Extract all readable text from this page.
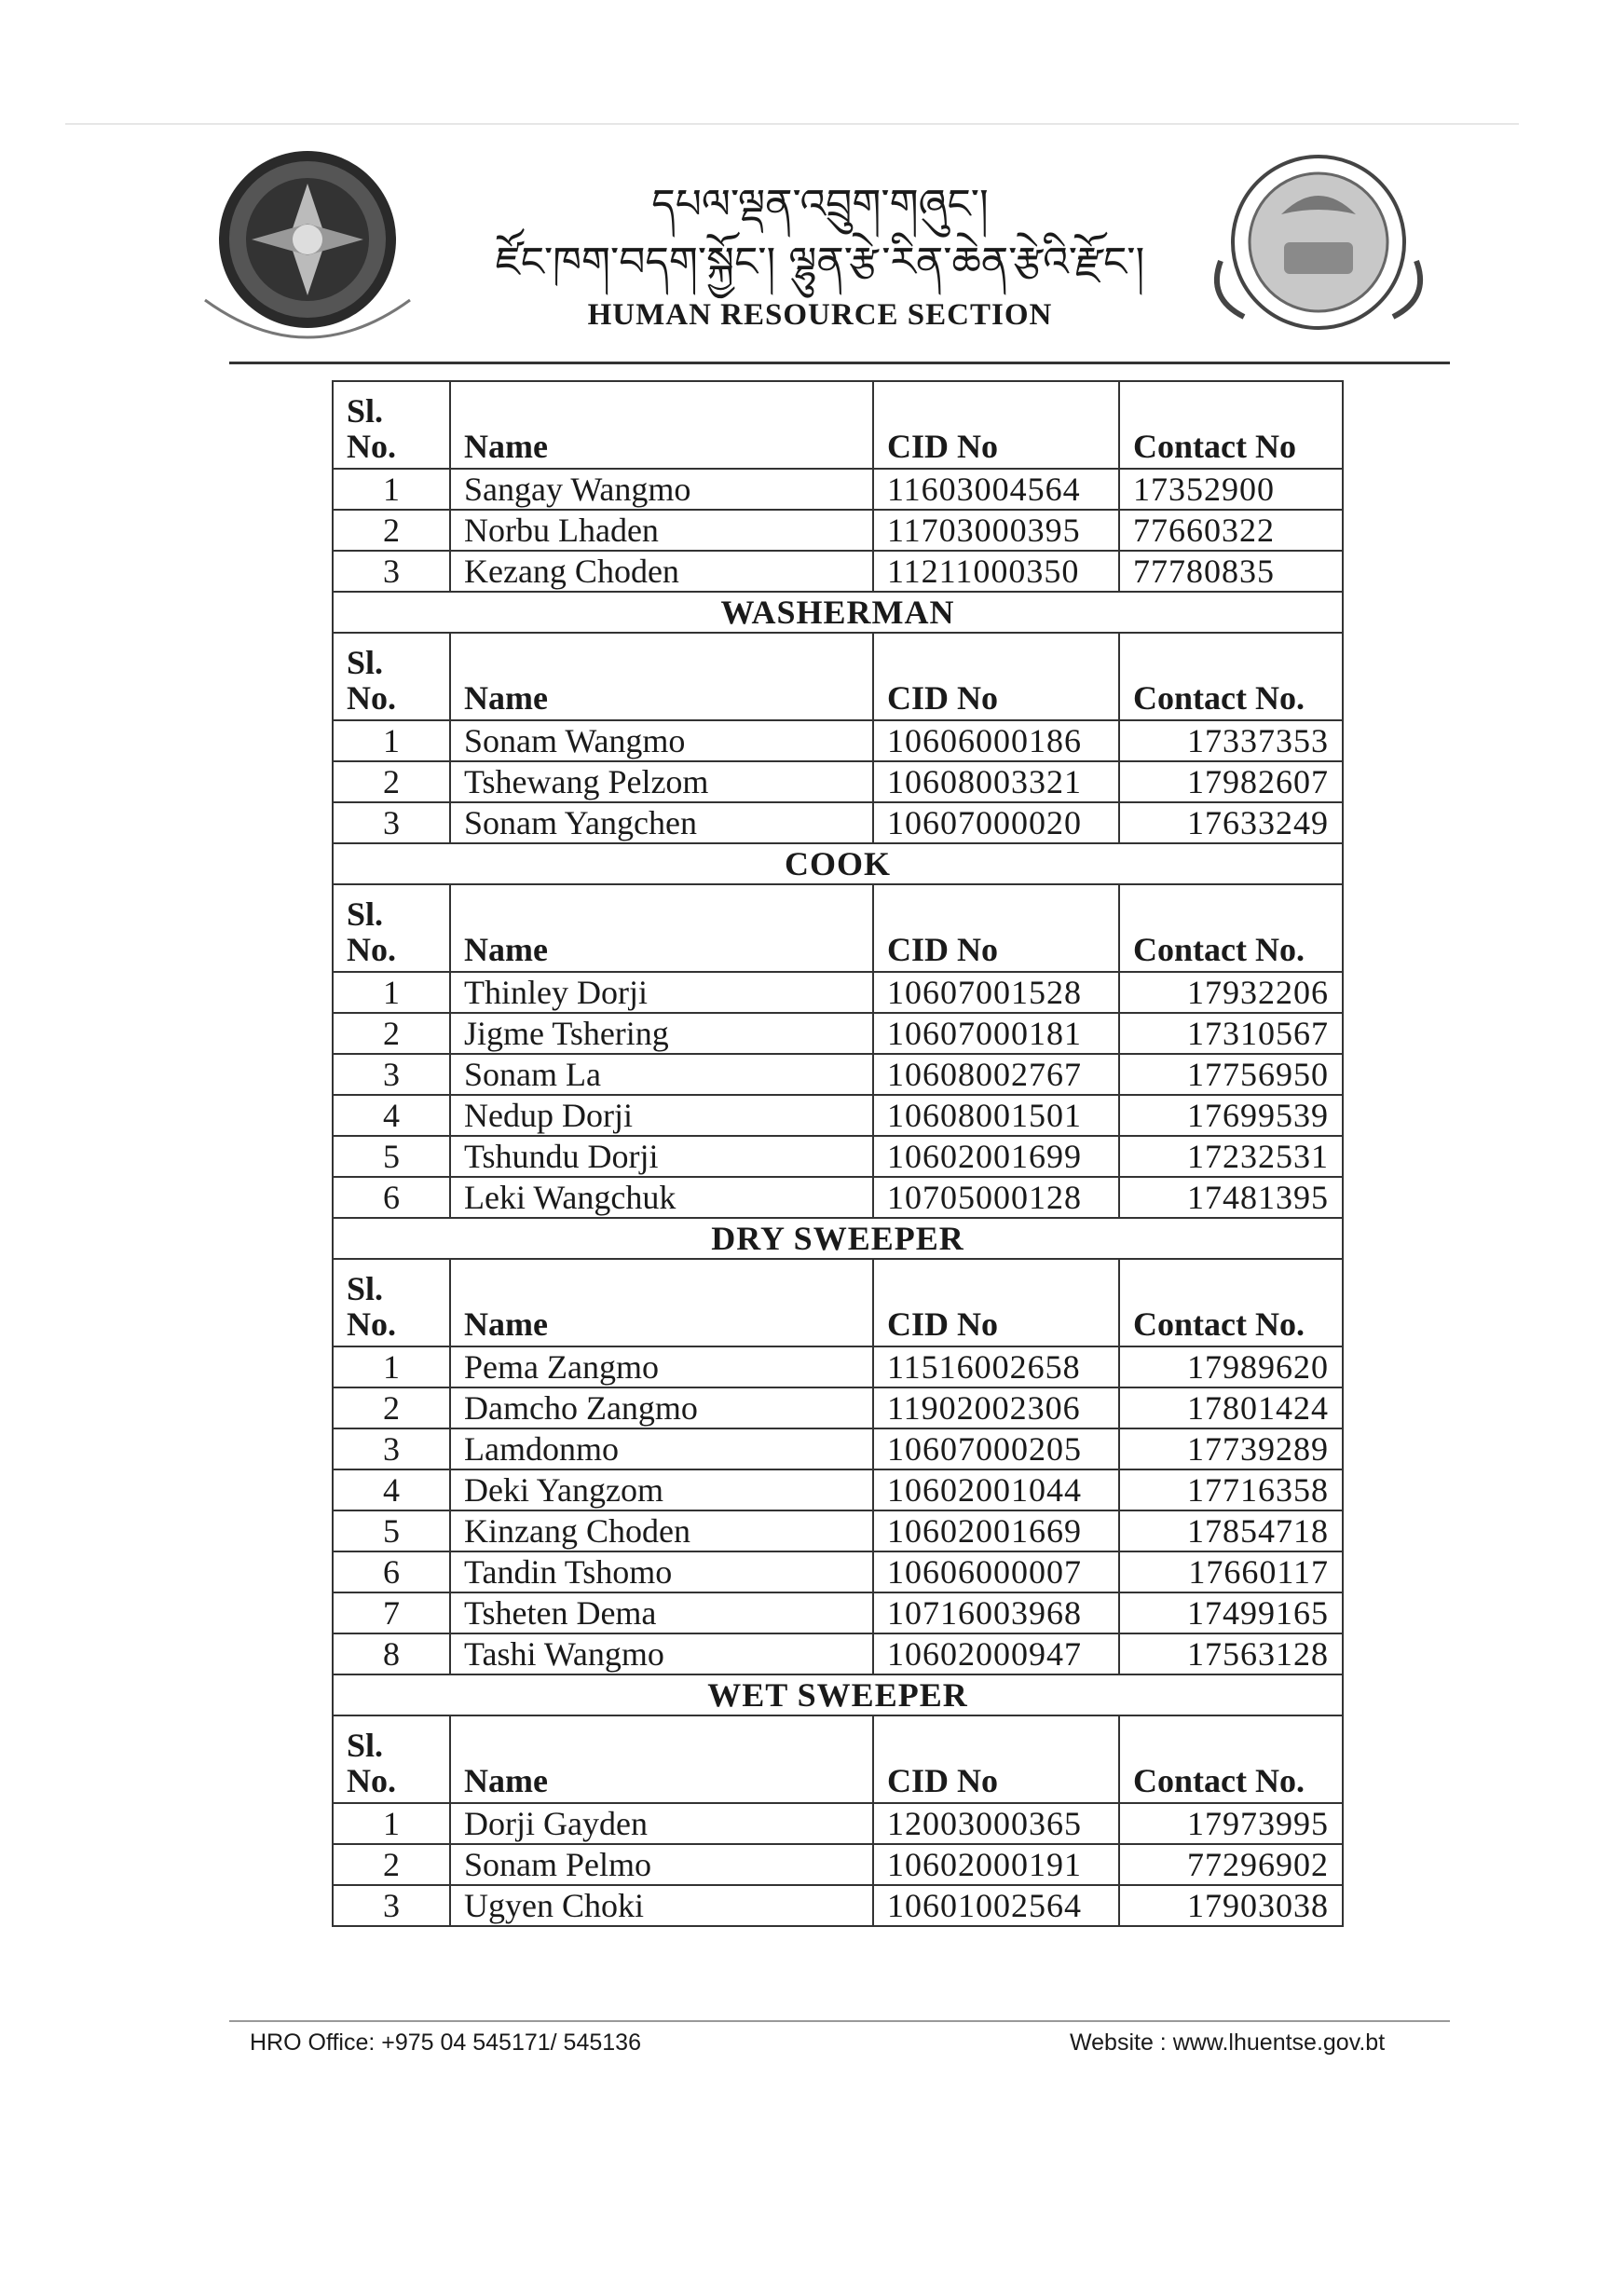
དཔལ་ལྡན་འབྲུག་གཞུང་།
ཛོང་ཁག་བདག་སྐྱོང་། ལྷུན་རྩེ་རིན་ཆེན་རྩེའི་རྫོང་།
HUMAN RESOURCE SECTION
Sl.
No.	Name	CID No	Contact No
1	Sangay Wangmo	11603004564	17352900
2	Norbu Lhaden	11703000395	77660322
3	Kezang Choden	11211000350	77780835
WASHERMAN			

Sl.
No.	Name	CID No	Contact No.
1	Sonam Wangmo	10606000186	17337353
2	Tshewang Pelzom	10608003321	17982607
3	Sonam Yangchen	10607000020	17633249
COOK			

Sl.
No.	Name	CID No	Contact No.
1	Thinley Dorji	10607001528	17932206
2	Jigme Tshering	10607000181	17310567
3	Sonam La	10608002767	17756950
4	Nedup Dorji	10608001501	17699539
5	Tshundu Dorji	10602001699	17232531
6	Leki Wangchuk	10705000128	17481395
DRY SWEEPER			

Sl.
No.	Name	CID No	Contact No.
1	Pema Zangmo	11516002658	17989620
2	Damcho Zangmo	11902002306	17801424
3	Lamdonmo	10607000205	17739289
4	Deki Yangzom	10602001044	17716358
5	Kinzang Choden	10602001669	17854718
6	Tandin Tshomo	10606000007	17660117
7	Tsheten Dema	10716003968	17499165
8	Tashi Wangmo	10602000947	17563128
WET SWEEPER			

Sl.
No.	Name	CID No	Contact No.
1	Dorji Gayden	12003000365	17973995
2	Sonam Pelmo	10602000191	77296902
3	Ugyen Choki	10601002564	17903038
HRO Office: +975 04 545171/ 545136	Website : www.lhuentse.gov.bt
